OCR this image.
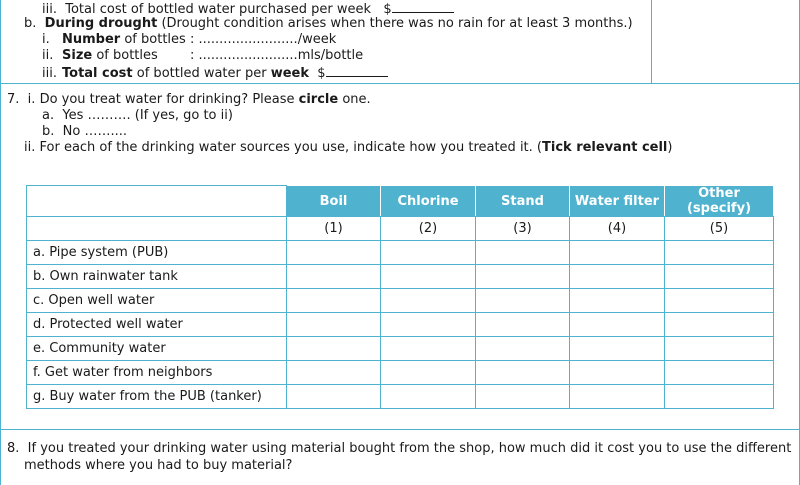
iii. Total cost of bottled water purchased per week $
b. During drought (Drought condition arises when there was no rain for at least 3 months.)
i. Number of bottles : ......................../week
ii. Size of bottles : ........................mls/bottle
iii. Total cost of bottled water per week $
7. i. Do you treat water for drinking? Please circle one.
a. Yes ………. (If yes, go to ii)
b. No ……....
ii. For each of the drinking water sources you use, indicate how you treated it. (Tick relevant cell)
	Boil	Chlorine	Stand	Water filter	Other (specify)
	(1)	(2)	(3)	(4)	(5)
a. Pipe system (PUB)					
b. Own rainwater tank					
c. Open well water					
d. Protected well water					
e. Community water					
f. Get water from neighbors					
g. Buy water from the PUB (tanker)					
8. If you treated your drinking water using material bought from the shop, how much did it cost you to use the different
methods where you had to buy material?
